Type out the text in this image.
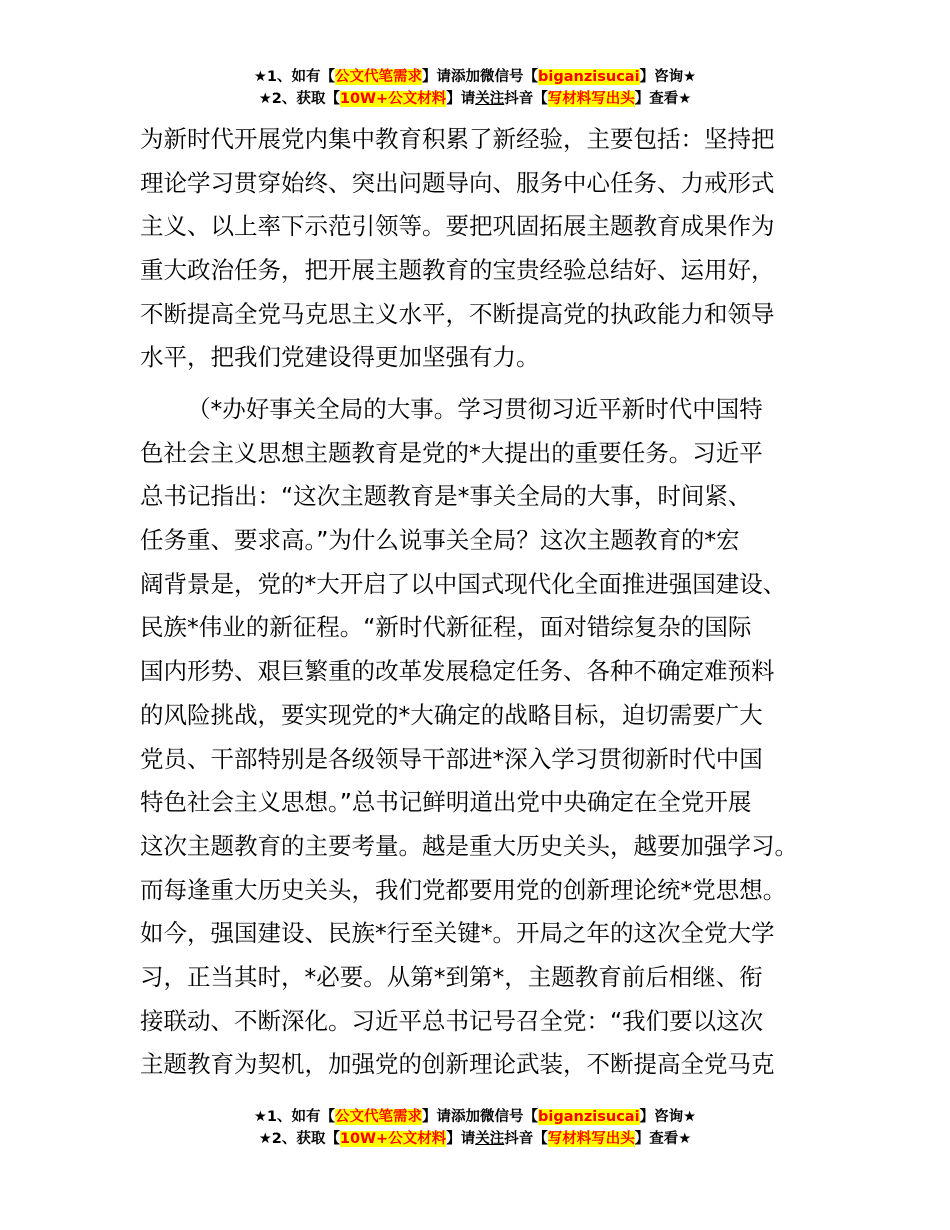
★1、如有【公文代笔需求】请添加微信号【biganzisucai】咨询★
★2、获取【10W+公文材料】请关注抖音【写材料写出头】查看★
为新时代开展党内集中教育积累了新经验，主要包括：坚持把
理论学习贯穿始终、突出问题导向、服务中心任务、力戒形式
主义、以上率下示范引领等。要把巩固拓展主题教育成果作为
重大政治任务，把开展主题教育的宝贵经验总结好、运用好，
不断提高全党马克思主义水平，不断提高党的执政能力和领导
水平，把我们党建设得更加坚强有力。
（*办好事关全局的大事。学习贯彻习近平新时代中国特
色社会主义思想主题教育是党的*大提出的重要任务。习近平
总书记指出：“这次主题教育是*事关全局的大事，时间紧、
任务重、要求高。”为什么说事关全局？这次主题教育的*宏
阔背景是，党的*大开启了以中国式现代化全面推进强国建设、
民族*伟业的新征程。“新时代新征程，面对错综复杂的国际
国内形势、艰巨繁重的改革发展稳定任务、各种不确定难预料
的风险挑战，要实现党的*大确定的战略目标，迫切需要广大
党员、干部特别是各级领导干部进*深入学习贯彻新时代中国
特色社会主义思想。”总书记鲜明道出党中央确定在全党开展
这次主题教育的主要考量。越是重大历史关头，越要加强学习。
而每逢重大历史关头，我们党都要用党的创新理论统*党思想。
如今，强国建设、民族*行至关键*。开局之年的这次全党大学
习，正当其时，*必要。从第*到第*，主题教育前后相继、衔
接联动、不断深化。习近平总书记号召全党：“我们要以这次
主题教育为契机，加强党的创新理论武装，不断提高全党马克
★1、如有【公文代笔需求】请添加微信号【biganzisucai】咨询★
★2、获取【10W+公文材料】请关注抖音【写材料写出头】查看★
